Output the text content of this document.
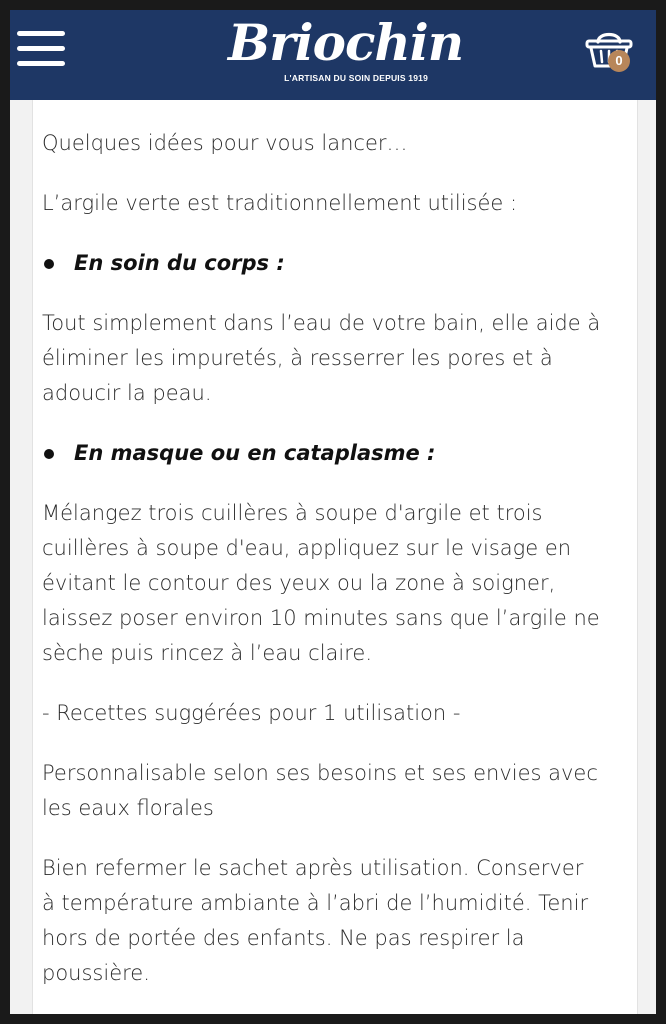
Briochin
L'ARTISAN DU SOIN DEPUIS 1919
0

Quelques idées pour vous lancer…

L’argile verte est traditionnellement utilisée :

En soin du corps :

Tout simplement dans l’eau de votre bain, elle aide à éliminer les impuretés, à resserrer les pores et à adoucir la peau.

En masque ou en cataplasme :

Mélangez trois cuillères à soupe d'argile et trois cuillères à soupe d'eau, appliquez sur le visage en évitant le contour des yeux ou la zone à soigner, laissez poser environ 10 minutes sans que l’argile ne sèche puis rincez à l’eau claire.

- Recettes suggérées pour 1 utilisation -

Personnalisable selon ses besoins et ses envies avec les eaux florales

Bien refermer le sachet après utilisation. Conserver à température ambiante à l’abri de l’humidité. Tenir hors de portée des enfants. Ne pas respirer la poussière.
